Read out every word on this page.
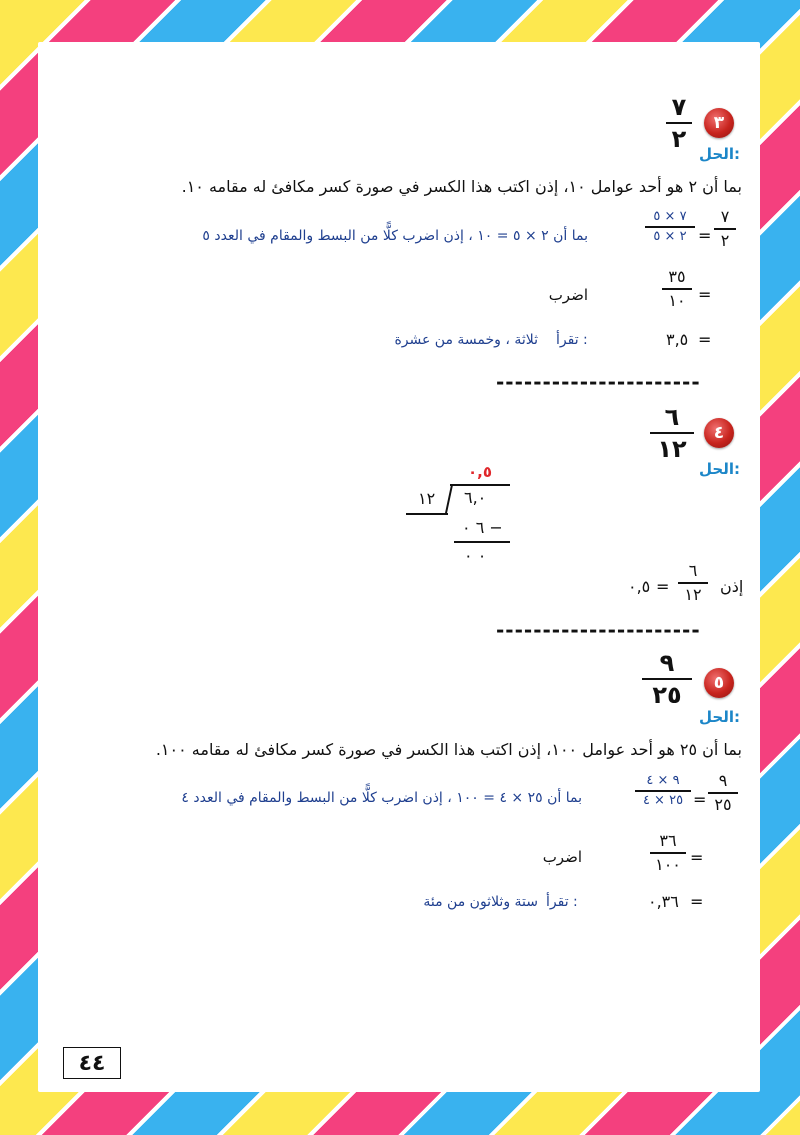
٣
٧
٢
الحل:
بما أن ٢ هو أحد عوامل ١٠، إذن اكتب هذا الكسر في صورة كسر مكافئ له مقامه ١٠.
٧
٢
=
٧ × ٥
٢ × ٥
بما أن ٢ × ٥ = ١٠ ، إذن اضرب كلًّا من البسط والمقام في العدد ٥
=
٣٥
١٠
اضرب
=
٣,٥
تقرأ :
ثلاثة ، وخمسة من عشرة
----------------------
٤
٦
١٢
الحل:
٠,٥
٦,٠
١٢
٦ ٠ −
٠ ٠
إذن
٦
١٢
=
٠,٥
----------------------
٥
٩
٢٥
الحل:
بما أن ٢٥ هو أحد عوامل ١٠٠، إذن اكتب هذا الكسر في صورة كسر مكافئ له مقامه ١٠٠.
٩
٢٥
=
٩ × ٤
٢٥ × ٤
بما أن ٢٥ × ٤ = ١٠٠ ، إذن اضرب كلًّا من البسط والمقام في العدد ٤
=
٣٦
١٠٠
اضرب
=
٠,٣٦
تقرأ :
ستة وثلاثون من مئة
٤٤
